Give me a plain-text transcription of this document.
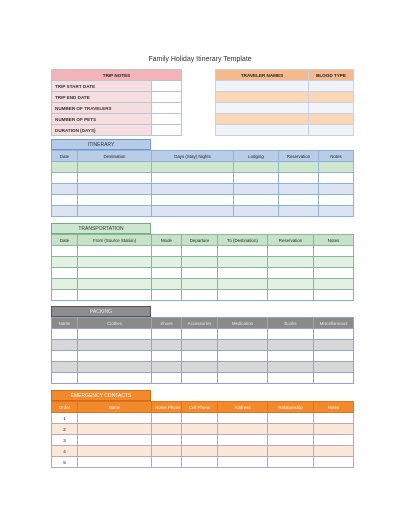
Family Holiday Itinerary Template
TRIP NOTES	
TRIP START DATE	
TRIP END DATE	
NUMBER OF TRAVELERS	
NUMBER OF PETS	
DURATION (DAYS)	
TRAVELER NAMES	BLOOD TYPE

ITINERARY
Date	Destination	Days (Stay) Nights	Lodging	Reservation	Notes

TRANSPORTATION
Date	From (Source Station)	Mode	Departure	To (Destination)	Reservation	Notes

PACKING
Name	Clothes	Shoes	Accessories	Medication	Books	Miscellaneous

EMERGENCY CONTACTS
Order	Name	Home Phone	Cell Phone	Address	Relationship	Notes
1						
2						
3						
4						
5						
